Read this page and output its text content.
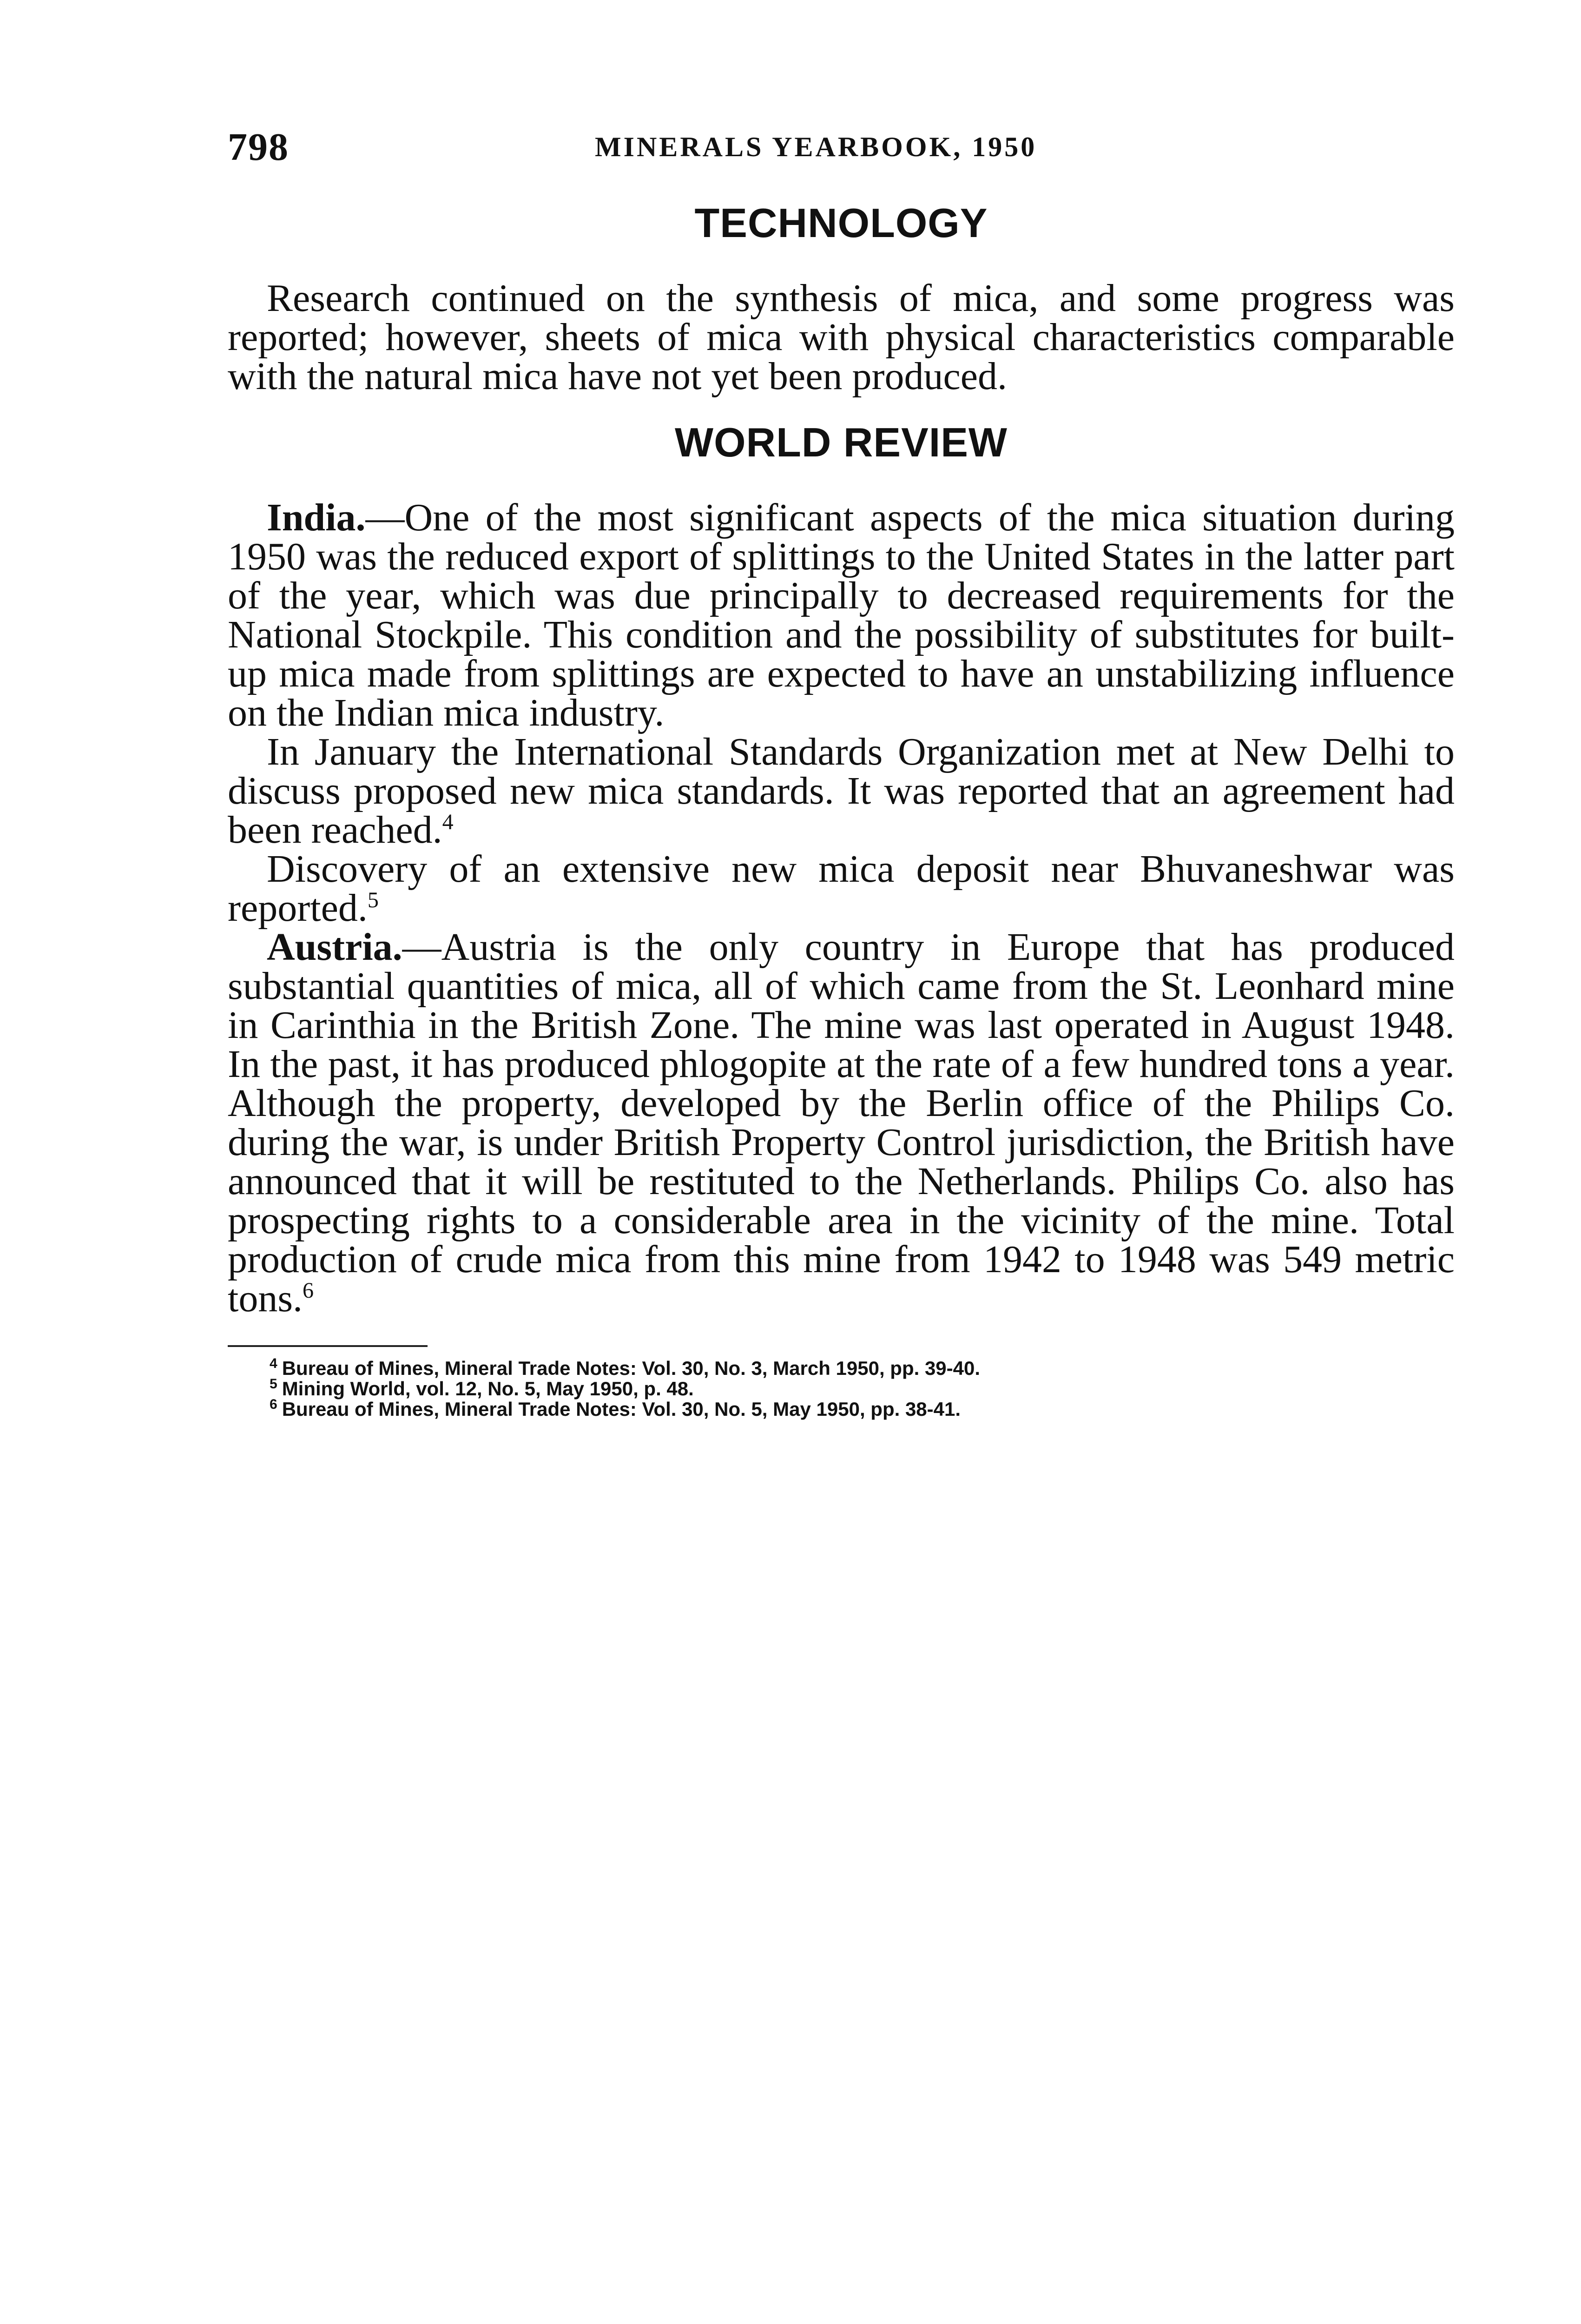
798	MINERALS YEARBOOK, 1950
TECHNOLOGY

Research continued on the synthesis of mica, and some progress was reported; however, sheets of mica with physical characteristics comparable with the natural mica have not yet been produced.

WORLD REVIEW

India.—One of the most significant aspects of the mica situation during 1950 was the reduced export of splittings to the United States in the latter part of the year, which was due principally to decreased requirements for the National Stockpile. This condition and the possibility of substitutes for built-up mica made from splittings are expected to have an unstabilizing influence on the Indian mica industry.

In January the International Standards Organization met at New Delhi to discuss proposed new mica standards. It was reported that an agreement had been reached.$^4$

Discovery of an extensive new mica deposit near Bhuvaneshwar was reported.$^5$

Austria.—Austria is the only country in Europe that has produced substantial quantities of mica, all of which came from the St. Leonhard mine in Carinthia in the British Zone. The mine was last operated in August 1948. In the past, it has produced phlogopite at the rate of a few hundred tons a year. Although the property, developed by the Berlin office of the Philips Co. during the war, is under British Property Control jurisdiction, the British have announced that it will be restituted to the Netherlands. Philips Co. also has prospecting rights to a considerable area in the vicinity of the mine. Total production of crude mica from this mine from 1942 to 1948 was 549 metric tons.$^6$

$^4$ Bureau of Mines, Mineral Trade Notes: Vol. 30, No. 3, March 1950, pp. 39-40.

$^5$ Mining World, vol. 12, No. 5, May 1950, p. 48.

$^6$ Bureau of Mines, Mineral Trade Notes: Vol. 30, No. 5, May 1950, pp. 38-41.
